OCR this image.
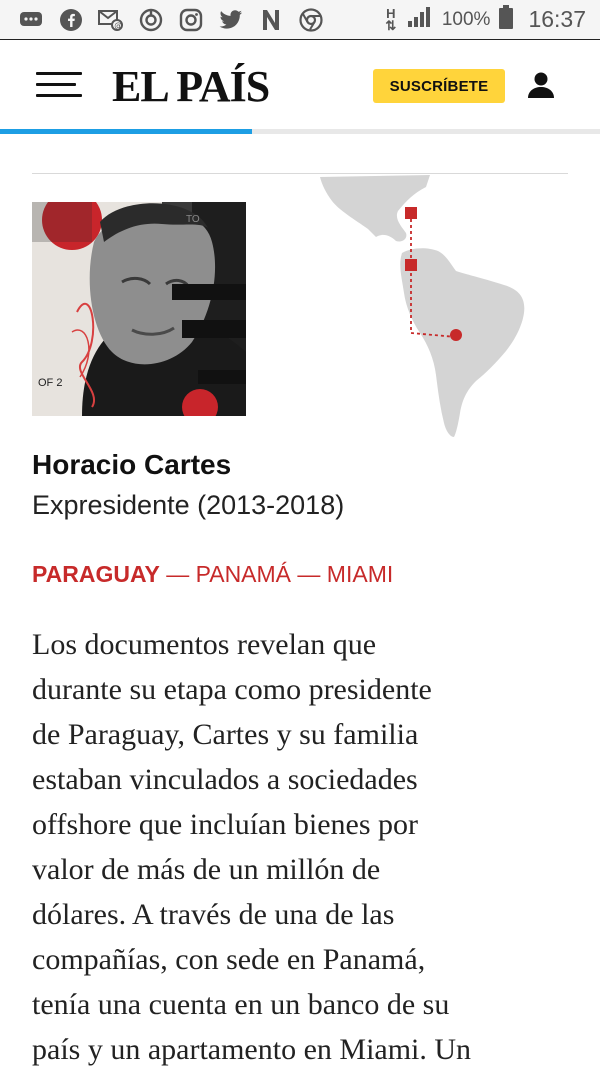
@
H
⇅ 100% 16:37
EL PAÍS	SUSCRÍBETE
OF 2
TO
Horacio Cartes
Expresidente (2013-2018)
PARAGUAY — PANAMÁ — MIAMI
Los documentos revelan que
durante su etapa como presidente
de Paraguay, Cartes y su familia
estaban vinculados a sociedades
offshore que incluían bienes por
valor de más de un millón de
dólares. A través de una de las
compañías, con sede en Panamá,
tenía una cuenta en un banco de su
país y un apartamento en Miami. Un
